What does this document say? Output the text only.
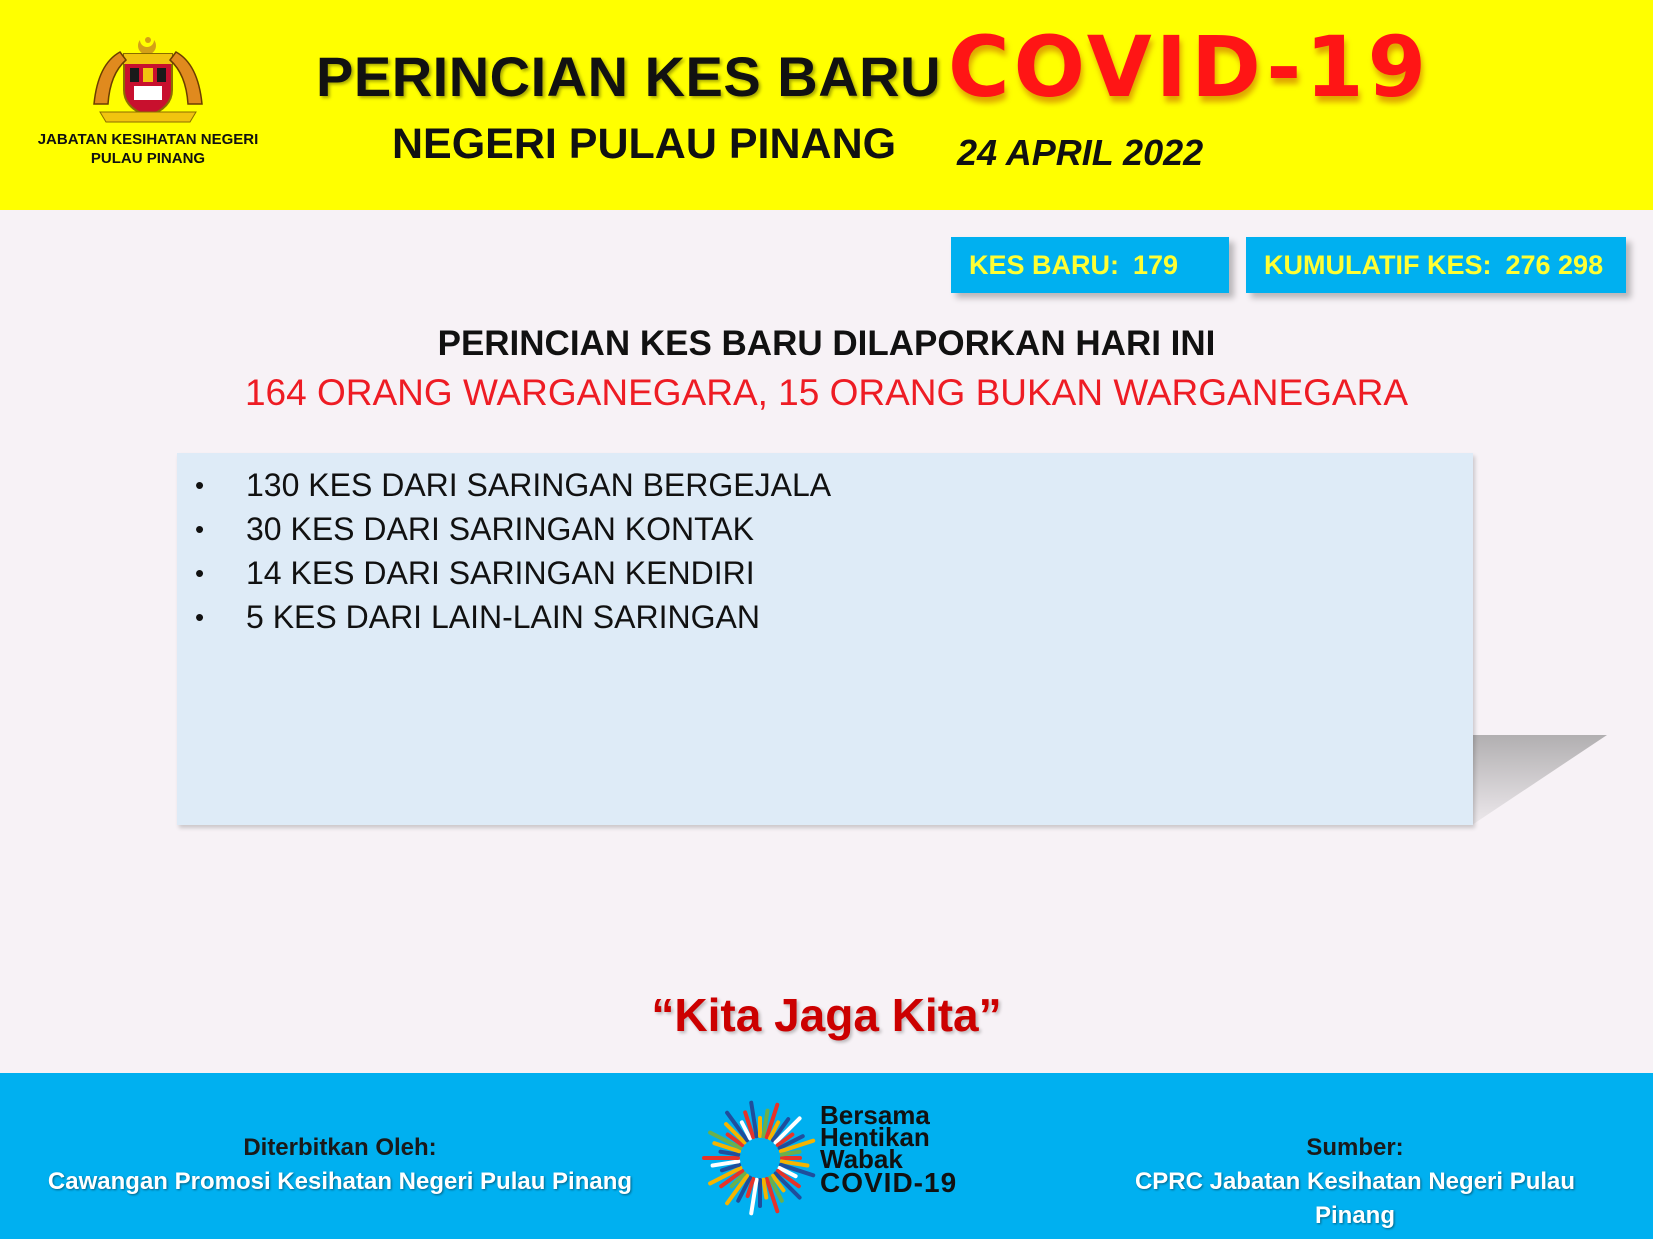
JABATAN KESIHATAN NEGERI
PULAU PINANG
PERINCIAN KES BARU COVID-19
NEGERI PULAU PINANG 24 APRIL 2022
KES BARU: 179	KUMULATIF KES: 276 298
PERINCIAN KES BARU DILAPORKAN HARI INI
164 ORANG WARGANEGARA, 15 ORANG BUKAN WARGANEGARA
• 130 KES DARI SARINGAN BERGEJALA
• 30 KES DARI SARINGAN KONTAK
• 14 KES DARI SARINGAN KENDIRI
• 5 KES DARI LAIN-LAIN SARINGAN
“Kita Jaga Kita”
Diterbitkan Oleh:
Cawangan Promosi Kesihatan Negeri Pulau Pinang
Bersama
Hentikan
Wabak
COVID-19
Sumber:
CPRC Jabatan Kesihatan Negeri Pulau Pinang
